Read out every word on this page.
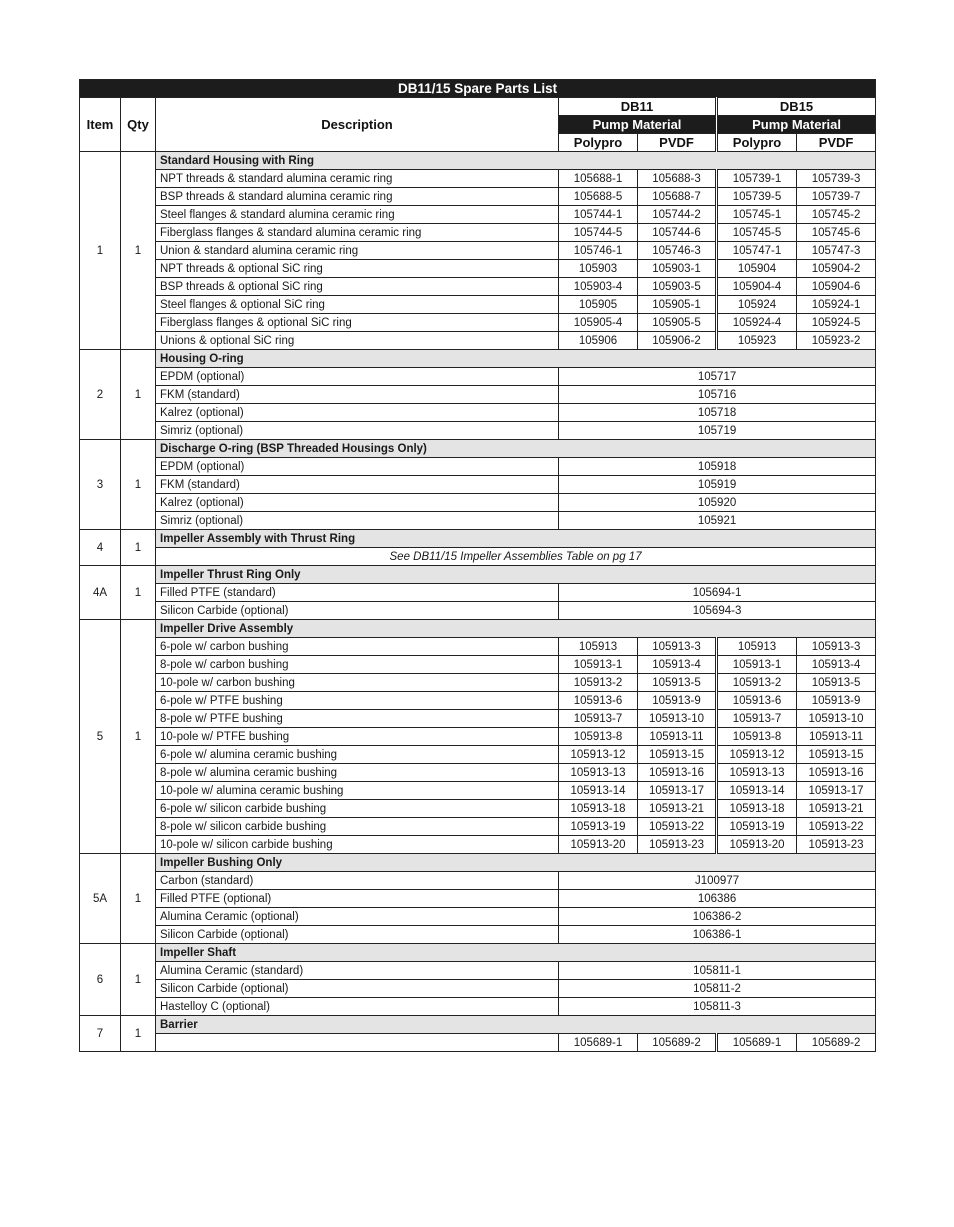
DB11/15 Spare Parts List						
Item	Qty	Description	DB11		DB15	
			Pump Material		Pump Material	
			Polypro	PVDF	Polypro	PVDF
1	1	Standard Housing with Ring				
		NPT threads & standard alumina ceramic ring	105688-1	105688-3	105739-1	105739-3
		BSP threads & standard alumina ceramic ring	105688-5	105688-7	105739-5	105739-7
		Steel flanges & standard alumina ceramic ring	105744-1	105744-2	105745-1	105745-2
		Fiberglass flanges & standard alumina ceramic ring	105744-5	105744-6	105745-5	105745-6
		Union & standard alumina ceramic ring	105746-1	105746-3	105747-1	105747-3
		NPT threads & optional SiC ring	105903	105903-1	105904	105904-2
		BSP threads & optional SiC ring	105903-4	105903-5	105904-4	105904-6
		Steel flanges & optional SiC ring	105905	105905-1	105924	105924-1
		Fiberglass flanges & optional SiC ring	105905-4	105905-5	105924-4	105924-5
		Unions & optional SiC ring	105906	105906-2	105923	105923-2
2	1	Housing O-ring				
		EPDM (optional)	105717			
		FKM (standard)	105716			
		Kalrez (optional)	105718			
		Simriz (optional)	105719			
3	1	Discharge O-ring (BSP Threaded Housings Only)				
		EPDM (optional)	105918			
		FKM (standard)	105919			
		Kalrez (optional)	105920			
		Simriz (optional)	105921			
4	1	Impeller Assembly with Thrust Ring				
		See DB11/15 Impeller Assemblies Table on pg 17				
4A	1	Impeller Thrust Ring Only				
		Filled PTFE (standard)	105694-1			
		Silicon Carbide (optional)	105694-3			
5	1	Impeller Drive Assembly				
		6-pole w/ carbon bushing	105913	105913-3	105913	105913-3
		8-pole w/ carbon bushing	105913-1	105913-4	105913-1	105913-4
		10-pole w/ carbon bushing	105913-2	105913-5	105913-2	105913-5
		6-pole w/ PTFE bushing	105913-6	105913-9	105913-6	105913-9
		8-pole w/ PTFE bushing	105913-7	105913-10	105913-7	105913-10
		10-pole w/ PTFE bushing	105913-8	105913-11	105913-8	105913-11
		6-pole w/ alumina ceramic bushing	105913-12	105913-15	105913-12	105913-15
		8-pole w/ alumina ceramic bushing	105913-13	105913-16	105913-13	105913-16
		10-pole w/ alumina ceramic bushing	105913-14	105913-17	105913-14	105913-17
		6-pole w/ silicon carbide bushing	105913-18	105913-21	105913-18	105913-21
		8-pole w/ silicon carbide bushing	105913-19	105913-22	105913-19	105913-22
		10-pole w/ silicon carbide bushing	105913-20	105913-23	105913-20	105913-23
5A	1	Impeller Bushing Only				
		Carbon (standard)	J100977			
		Filled PTFE (optional)	106386			
		Alumina Ceramic (optional)	106386-2			
		Silicon Carbide (optional)	106386-1			
6	1	Impeller Shaft				
		Alumina Ceramic (standard)	105811-1			
		Silicon Carbide (optional)	105811-2			
		Hastelloy C (optional)	105811-3			
7	1	Barrier				
			105689-1	105689-2	105689-1	105689-2
